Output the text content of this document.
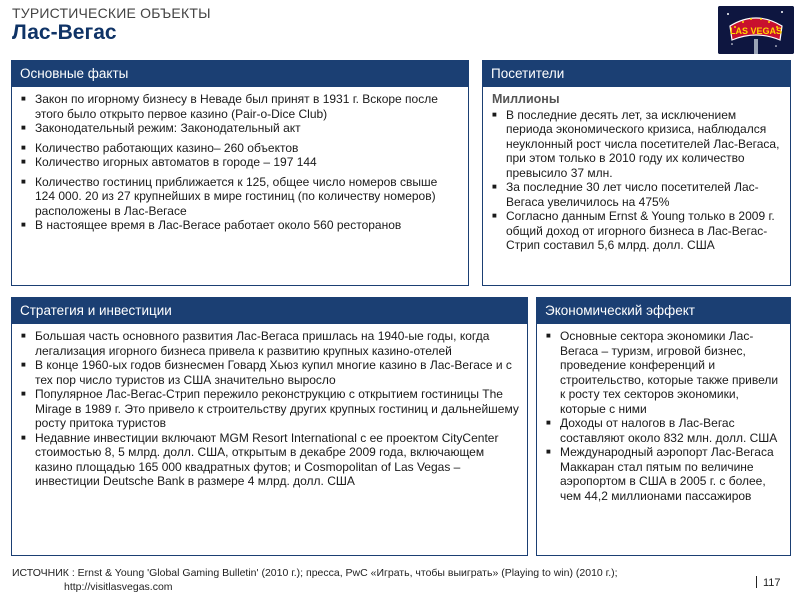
ТУРИСТИЧЕСКИЕ ОБЪЕКТЫ
Лас-Вегас	LAS VEGAS
Основные факты
■ Закон по игорному бизнесу в Неваде был принят в 1931 г. Вскоре после этого было открыто первое казино (Pair-o-Dice Club)
■ Законодательный режим: Законодательный акт
■ Количество работающих казино– 260 объектов
■ Количество игорных автоматов в городе – 197 144
■ Количество гостиниц приближается к 125, общее число номеров свыше 124 000. 20 из 27 крупнейших в мире гостиниц (по количеству номеров) расположены в Лас-Вегасе
■ В настоящее время в Лас-Вегасе работает около 560 ресторанов
Посетители
Миллионы
■ В последние десять лет, за исключением периода экономического кризиса, наблюдался неуклонный рост числа посетителей Лас-Вегаса, при этом только в 2010 году их количество превысило 37 млн.
■ За последние 30 лет число посетителей Лас-Вегаса увеличилось на 475%
■ Согласно данным Ernst & Young только в 2009 г. общий доход от игорного бизнеса в Лас-Вегас-Стрип составил 5,6 млрд. долл. США
Стратегия и инвестиции
■ Большая часть основного развития Лас-Вегаса пришлась на 1940-ые годы, когда легализация игорного бизнеса привела к развитию крупных казино-отелей
■ В конце 1960-ых годов бизнесмен Говард Хьюз купил многие казино в Лас-Вегасе и с тех пор число туристов из США значительно выросло
■ Популярное Лас-Вегас-Стрип пережило реконструкцию с открытием гостиницы The Mirage в 1989 г. Это привело к строительству других крупных гостиниц и дальнейшему росту притока туристов
■ Недавние инвестиции включают MGM Resort International с ее проектом CityCenter стоимостью 8, 5 млрд. долл. США, открытым в декабре 2009 года, включающем казино площадью 165 000 квадратных футов; и Cosmopolitan of Las Vegas – инвестиции Deutsche Bank в размере 4 млрд. долл. США
Экономический эффект
■ Основные сектора экономики Лас-Вегаса – туризм, игровой бизнес, проведение конференций и строительство, которые также привели к росту тех секторов экономики, которые с ними
■ Доходы от налогов в Лас-Вегас составляют около 832 млн. долл. США
■ Международный аэропорт Лас-Вегаса Маккаран стал пятым по величине аэропортом в США в 2005 г. с более, чем 44,2 миллионами пассажиров
ИСТОЧНИК : Ernst & Young 'Global Gaming Bulletin' (2010 г.); пресса, PwC «Играть, чтобы выиграть» (Playing to win) (2010 г.);
http://visitlasvegas.com	117
